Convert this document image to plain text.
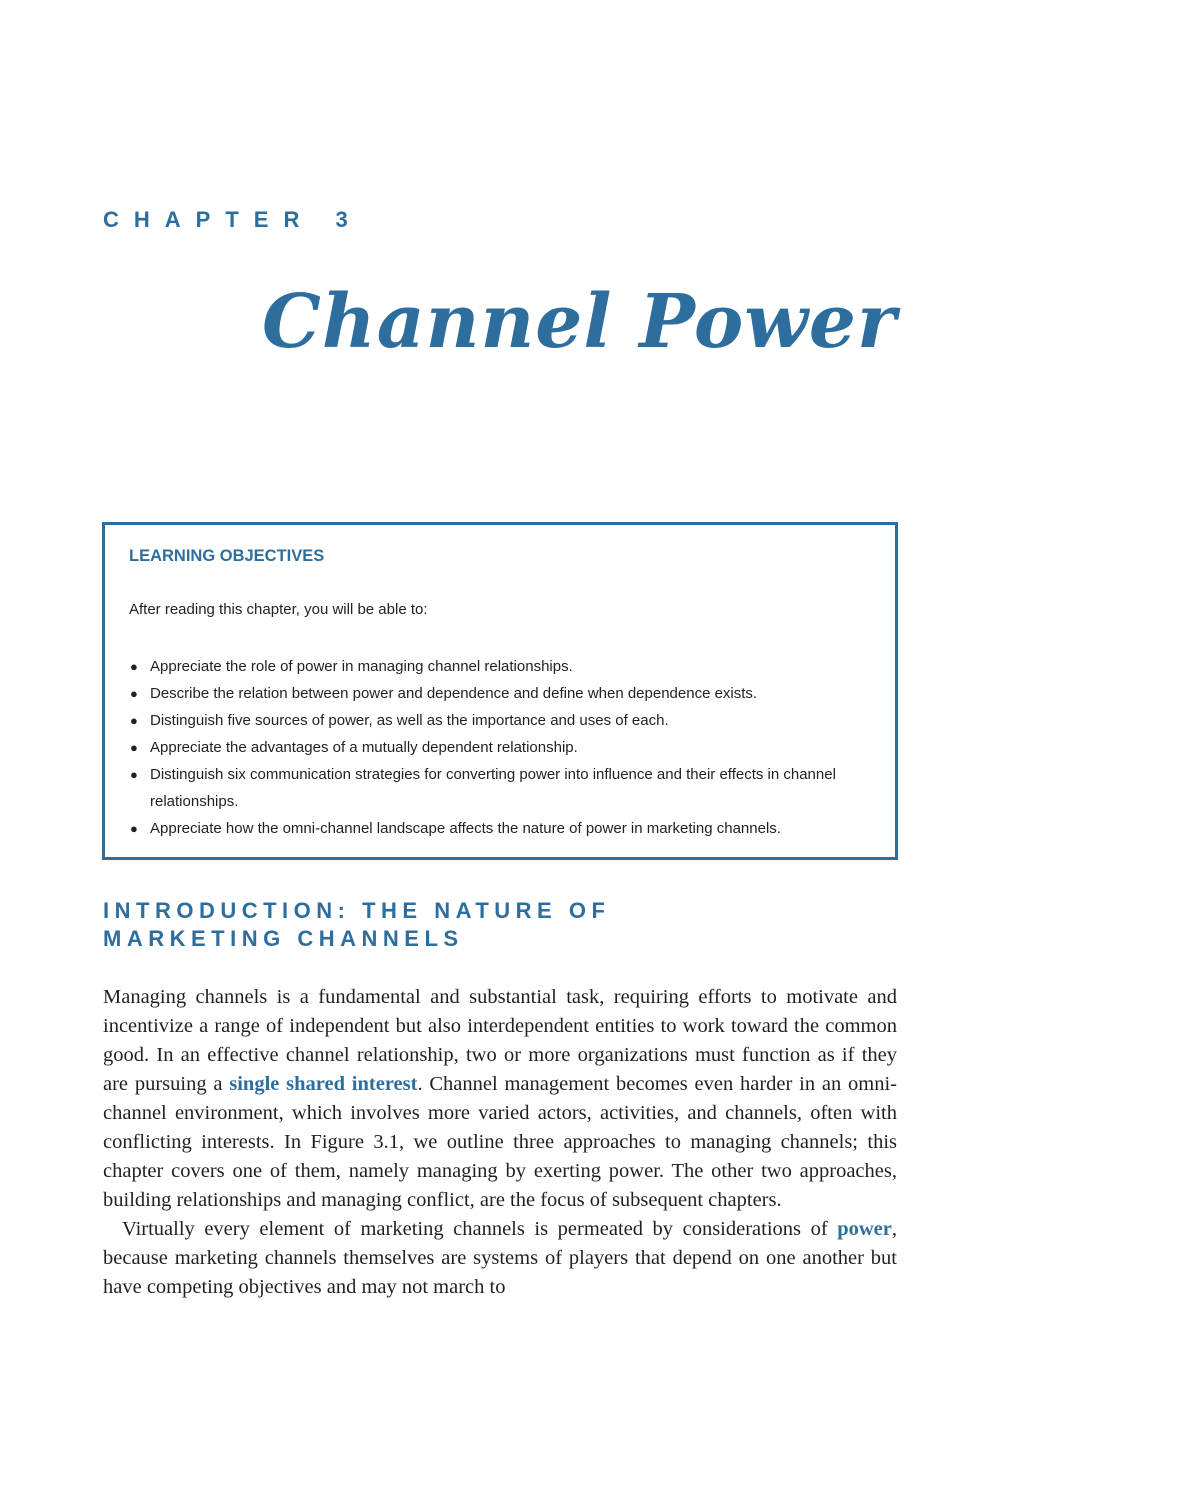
CHAPTER 3
Channel Power
LEARNING OBJECTIVES
After reading this chapter, you will be able to:
● Appreciate the role of power in managing channel relationships.
● Describe the relation between power and dependence and define when dependence exists.
● Distinguish five sources of power, as well as the importance and uses of each.
● Appreciate the advantages of a mutually dependent relationship.
● Distinguish six communication strategies for converting power into influence and their effects in channel relationships.
● Appreciate how the omni-channel landscape affects the nature of power in marketing channels.
INTRODUCTION: THE NATURE OF
MARKETING CHANNELS

Managing channels is a fundamental and substantial task, requiring efforts to motivate and incentivize a range of independent but also interdependent entities to work toward the common good. In an effective channel relationship, two or more organizations must function as if they are pursuing a single shared interest. Channel management becomes even harder in an omni-channel environment, which involves more varied actors, activities, and channels, often with conflicting interests. In Figure 3.1, we outline three approaches to managing channels; this chapter covers one of them, namely managing by exerting power. The other two approaches, building relationships and managing conflict, are the focus of subsequent chapters.

Virtually every element of marketing channels is permeated by considerations of power, because marketing channels themselves are systems of players that depend on one another but have competing objectives and may not march to
